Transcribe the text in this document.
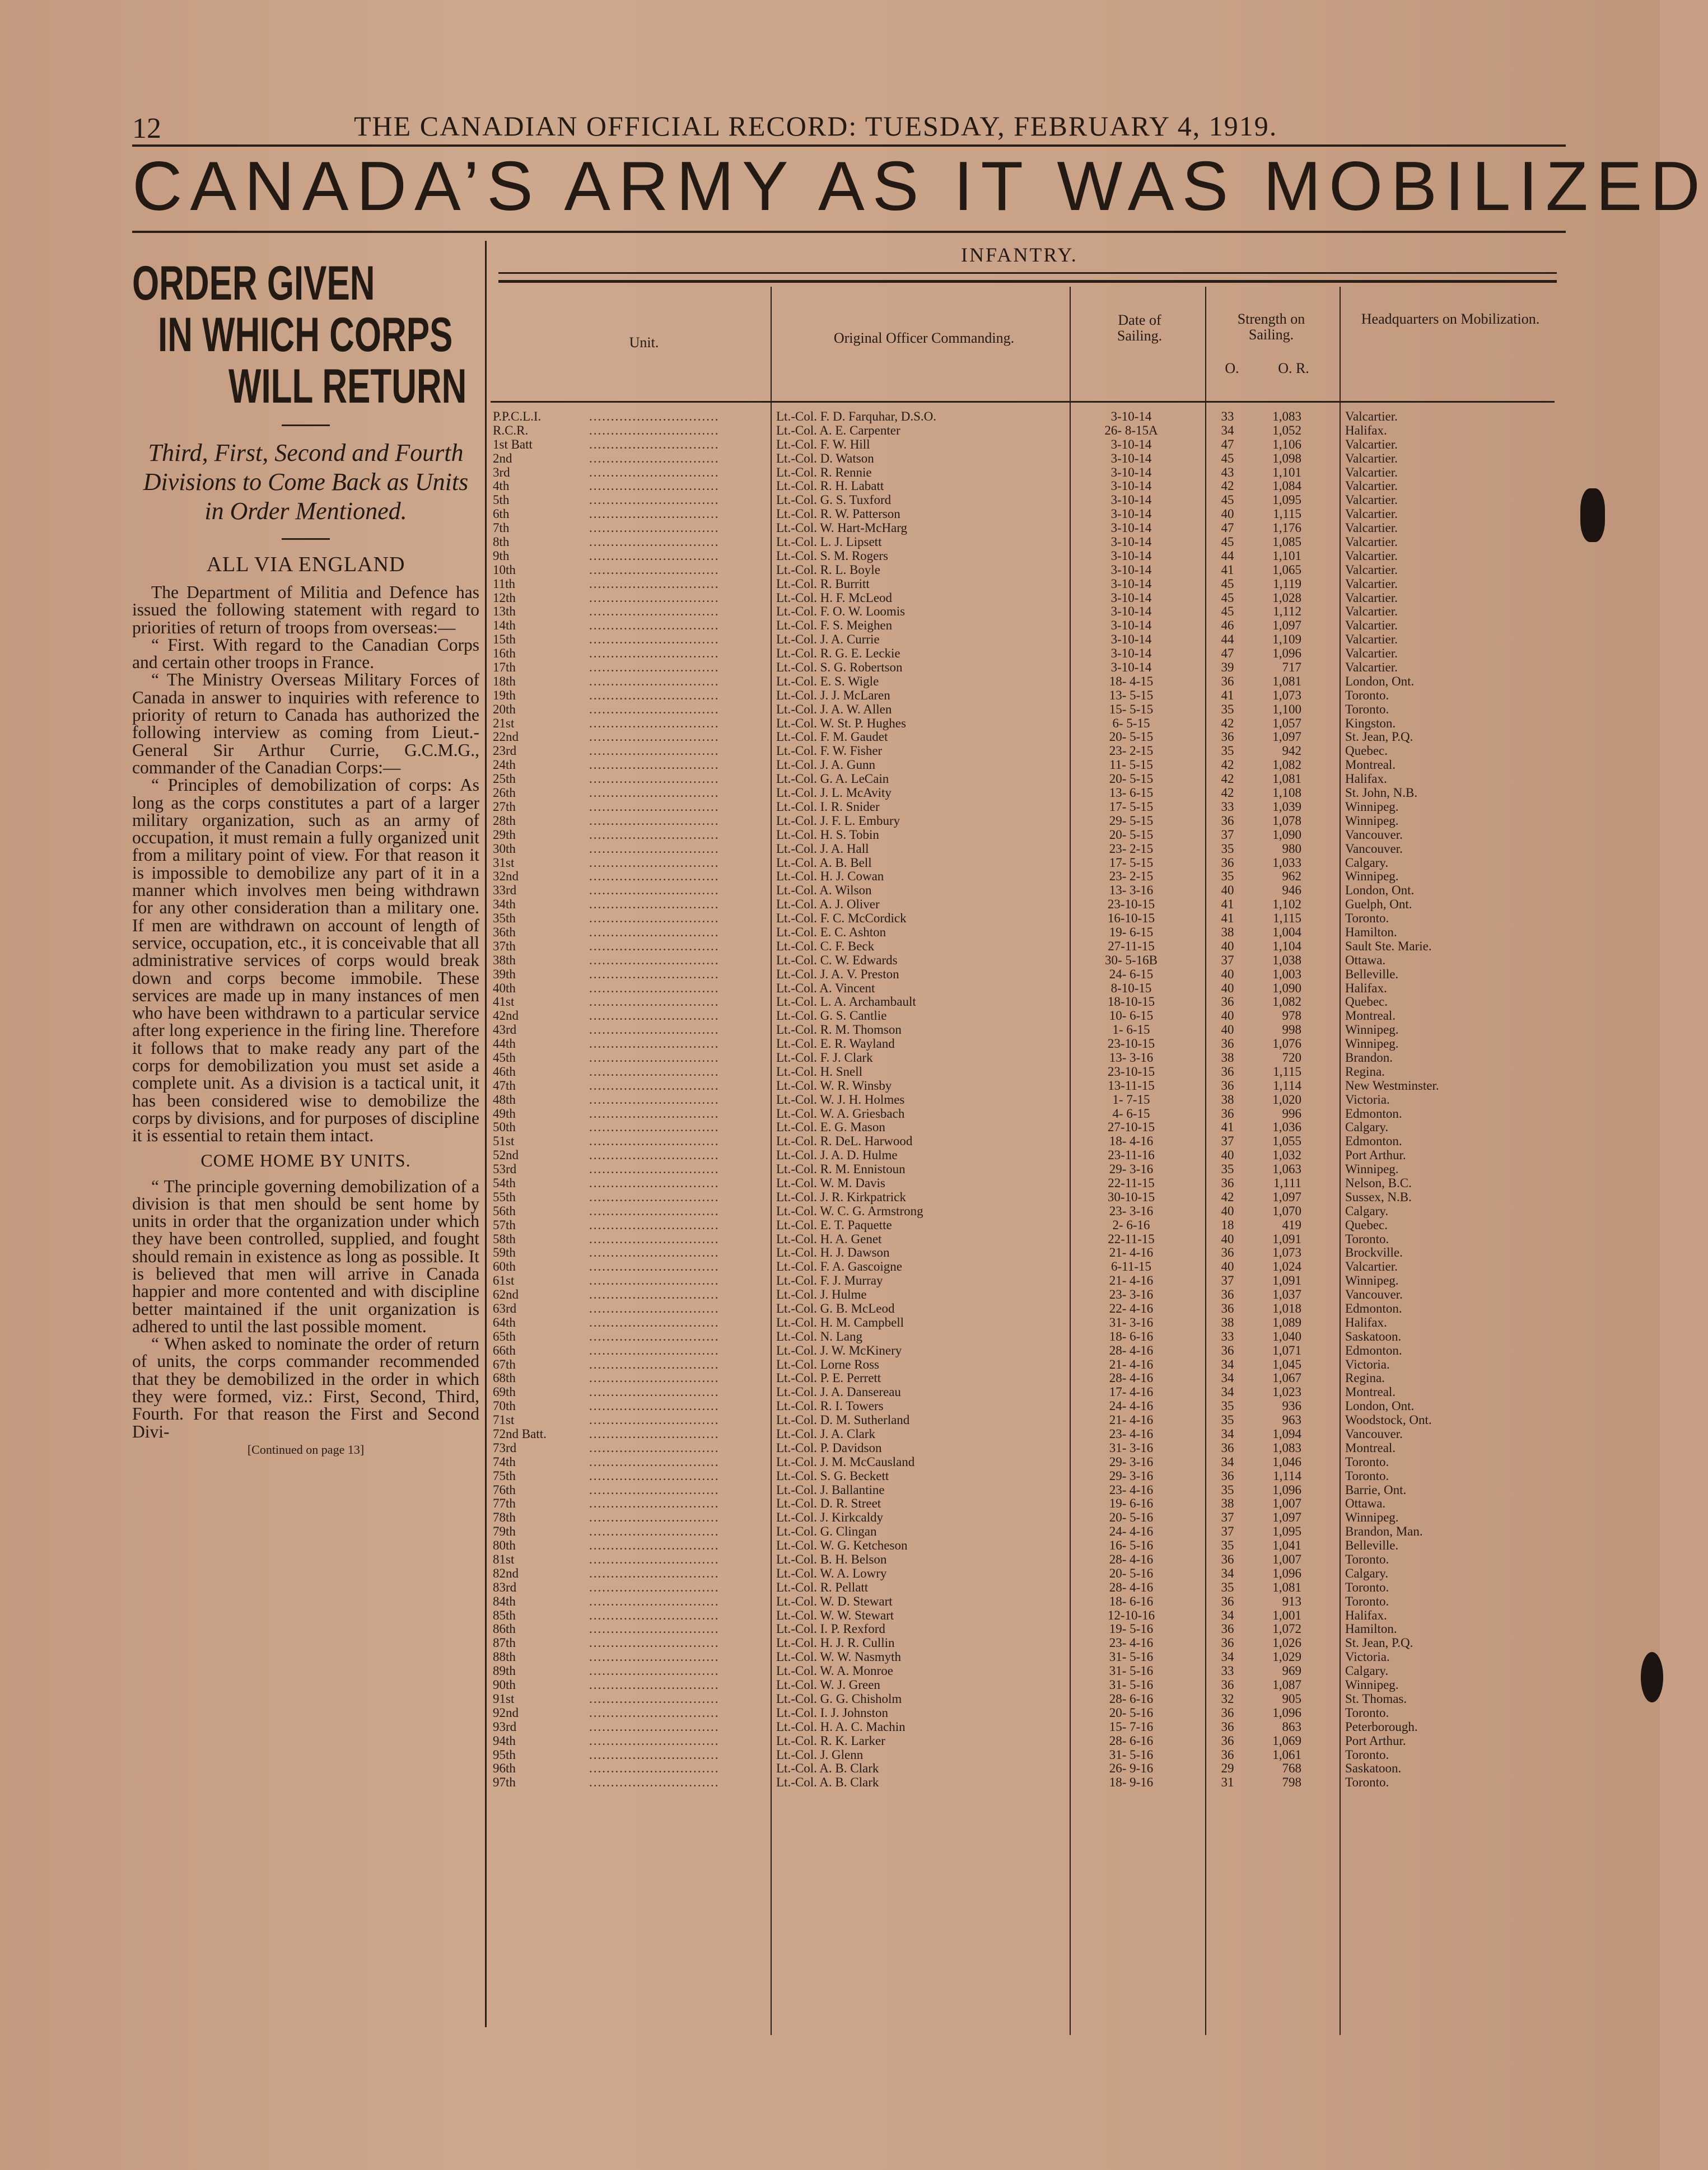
12	THE CANADIAN OFFICIAL RECORD: TUESDAY, FEBRUARY 4, 1919.
CANADA’S ARMY AS IT WAS MOBILIZED
ORDER GIVEN
IN WHICH CORPS
WILL RETURN
Third, First, Second and Fourth Divisions to Come Back as Units in Order Mentioned.
ALL VIA ENGLAND

The Department of Militia and Defence has issued the following statement with regard to priorities of return of troops from overseas:—

“ First. With regard to the Canadian Corps and certain other troops in France.

“ The Ministry Overseas Military Forces of Canada in answer to inquiries with reference to priority of return to Canada has authorized the following interview as coming from Lieut.-General Sir Arthur Currie, G.C.M.G., commander of the Canadian Corps:—

“ Principles of demobilization of corps: As long as the corps constitutes a part of a larger military organization, such as an army of occupation, it must remain a fully organized unit from a military point of view. For that reason it is impossible to demobilize any part of it in a manner which involves men being withdrawn for any other consideration than a military one. If men are withdrawn on account of length of service, occupation, etc., it is conceivable that all administrative services of corps would break down and corps become immobile. These services are made up in many instances of men who have been withdrawn to a particular service after long experience in the firing line. Therefore it follows that to make ready any part of the corps for demobilization you must set aside a complete unit. As a division is a tactical unit, it has been considered wise to demobilize the corps by divisions, and for purposes of discipline it is essential to retain them intact.

COME HOME BY UNITS.

“ The principle governing demobilization of a division is that men should be sent home by units in order that the organization under which they have been controlled, supplied, and fought should remain in existence as long as possible. It is believed that men will arrive in Canada happier and more contented and with discipline better maintained if the unit organization is adhered to until the last possible moment.

“ When asked to nominate the order of return of units, the corps commander recommended that they be demobilized in the order in which they were formed, viz.: First, Second, Third, Fourth. For that reason the First and Second Divi-

[Continued on page 13]
INFANTRY.
Unit.	Original Officer Commanding.
Date of Sailing.
Strength on Sailing.
O.	O. R.
Headquarters on Mobilization.
P.P.C.L.I.	Lt.-Col. F. D. Farquhar, D.S.O.	3-10-14	33	1,083	Valcartier.
..............................
R.C.R.	Lt.-Col. A. E. Carpenter	26- 8-15A	34	1,052	Halifax.
..............................
1st Batt	Lt.-Col. F. W. Hill	3-10-14	47	1,106	Valcartier.
..............................
2nd	Lt.-Col. D. Watson	3-10-14	45	1,098	Valcartier.
..............................
3rd	Lt.-Col. R. Rennie	3-10-14	43	1,101	Valcartier.
..............................
4th	Lt.-Col. R. H. Labatt	3-10-14	42	1,084	Valcartier.
..............................
5th	Lt.-Col. G. S. Tuxford	3-10-14	45	1,095	Valcartier.
..............................
6th	Lt.-Col. R. W. Patterson	3-10-14	40	1,115	Valcartier.
..............................
7th	Lt.-Col. W. Hart-McHarg	3-10-14	47	1,176	Valcartier.
..............................
8th	Lt.-Col. L. J. Lipsett	3-10-14	45	1,085	Valcartier.
..............................
9th	Lt.-Col. S. M. Rogers	3-10-14	44	1,101	Valcartier.
..............................
10th	Lt.-Col. R. L. Boyle	3-10-14	41	1,065	Valcartier.
..............................
11th	Lt.-Col. R. Burritt	3-10-14	45	1,119	Valcartier.
..............................
12th	Lt.-Col. H. F. McLeod	3-10-14	45	1,028	Valcartier.
..............................
13th	Lt.-Col. F. O. W. Loomis	3-10-14	45	1,112	Valcartier.
..............................
14th	Lt.-Col. F. S. Meighen	3-10-14	46	1,097	Valcartier.
..............................
15th	Lt.-Col. J. A. Currie	3-10-14	44	1,109	Valcartier.
..............................
16th	Lt.-Col. R. G. E. Leckie	3-10-14	47	1,096	Valcartier.
..............................
17th	Lt.-Col. S. G. Robertson	3-10-14	39	717	Valcartier.
..............................
18th	Lt.-Col. E. S. Wigle	18- 4-15	36	1,081	London, Ont.
..............................
19th	Lt.-Col. J. J. McLaren	13- 5-15	41	1,073	Toronto.
..............................
20th	Lt.-Col. J. A. W. Allen	15- 5-15	35	1,100	Toronto.
..............................
21st	Lt.-Col. W. St. P. Hughes	6- 5-15	42	1,057	Kingston.
..............................
22nd	Lt.-Col. F. M. Gaudet	20- 5-15	36	1,097	St. Jean, P.Q.
..............................
23rd	Lt.-Col. F. W. Fisher	23- 2-15	35	942	Quebec.
..............................
24th	Lt.-Col. J. A. Gunn	11- 5-15	42	1,082	Montreal.
..............................
25th	Lt.-Col. G. A. LeCain	20- 5-15	42	1,081	Halifax.
..............................
26th	Lt.-Col. J. L. McAvity	13- 6-15	42	1,108	St. John, N.B.
..............................
27th	Lt.-Col. I. R. Snider	17- 5-15	33	1,039	Winnipeg.
..............................
28th	Lt.-Col. J. F. L. Embury	29- 5-15	36	1,078	Winnipeg.
..............................
29th	Lt.-Col. H. S. Tobin	20- 5-15	37	1,090	Vancouver.
..............................
30th	Lt.-Col. J. A. Hall	23- 2-15	35	980	Vancouver.
..............................
31st	Lt.-Col. A. B. Bell	17- 5-15	36	1,033	Calgary.
..............................
32nd	Lt.-Col. H. J. Cowan	23- 2-15	35	962	Winnipeg.
..............................
33rd	Lt.-Col. A. Wilson	13- 3-16	40	946	London, Ont.
..............................
34th	Lt.-Col. A. J. Oliver	23-10-15	41	1,102	Guelph, Ont.
..............................
35th	Lt.-Col. F. C. McCordick	16-10-15	41	1,115	Toronto.
..............................
36th	Lt.-Col. E. C. Ashton	19- 6-15	38	1,004	Hamilton.
..............................
37th	Lt.-Col. C. F. Beck	27-11-15	40	1,104	Sault Ste. Marie.
..............................
38th	Lt.-Col. C. W. Edwards	30- 5-16B	37	1,038	Ottawa.
..............................
39th	Lt.-Col. J. A. V. Preston	24- 6-15	40	1,003	Belleville.
..............................
40th	Lt.-Col. A. Vincent	8-10-15	40	1,090	Halifax.
..............................
41st	Lt.-Col. L. A. Archambault	18-10-15	36	1,082	Quebec.
..............................
42nd	Lt.-Col. G. S. Cantlie	10- 6-15	40	978	Montreal.
..............................
43rd	Lt.-Col. R. M. Thomson	1- 6-15	40	998	Winnipeg.
..............................
44th	Lt.-Col. E. R. Wayland	23-10-15	36	1,076	Winnipeg.
..............................
45th	Lt.-Col. F. J. Clark	13- 3-16	38	720	Brandon.
..............................
46th	Lt.-Col. H. Snell	23-10-15	36	1,115	Regina.
..............................
47th	Lt.-Col. W. R. Winsby	13-11-15	36	1,114	New Westminster.
..............................
48th	Lt.-Col. W. J. H. Holmes	1- 7-15	38	1,020	Victoria.
..............................
49th	Lt.-Col. W. A. Griesbach	4- 6-15	36	996	Edmonton.
..............................
50th	Lt.-Col. E. G. Mason	27-10-15	41	1,036	Calgary.
..............................
51st	Lt.-Col. R. DeL. Harwood	18- 4-16	37	1,055	Edmonton.
..............................
52nd	Lt.-Col. J. A. D. Hulme	23-11-16	40	1,032	Port Arthur.
..............................
53rd	Lt.-Col. R. M. Ennistoun	29- 3-16	35	1,063	Winnipeg.
..............................
54th	Lt.-Col. W. M. Davis	22-11-15	36	1,111	Nelson, B.C.
..............................
55th	Lt.-Col. J. R. Kirkpatrick	30-10-15	42	1,097	Sussex, N.B.
..............................
56th	Lt.-Col. W. C. G. Armstrong	23- 3-16	40	1,070	Calgary.
..............................
57th	Lt.-Col. E. T. Paquette	2- 6-16	18	419	Quebec.
..............................
58th	Lt.-Col. H. A. Genet	22-11-15	40	1,091	Toronto.
..............................
59th	Lt.-Col. H. J. Dawson	21- 4-16	36	1,073	Brockville.
..............................
60th	Lt.-Col. F. A. Gascoigne	6-11-15	40	1,024	Valcartier.
..............................
61st	Lt.-Col. F. J. Murray	21- 4-16	37	1,091	Winnipeg.
..............................
62nd	Lt.-Col. J. Hulme	23- 3-16	36	1,037	Vancouver.
..............................
63rd	Lt.-Col. G. B. McLeod	22- 4-16	36	1,018	Edmonton.
..............................
64th	Lt.-Col. H. M. Campbell	31- 3-16	38	1,089	Halifax.
..............................
65th	Lt.-Col. N. Lang	18- 6-16	33	1,040	Saskatoon.
..............................
66th	Lt.-Col. J. W. McKinery	28- 4-16	36	1,071	Edmonton.
..............................
67th	Lt.-Col. Lorne Ross	21- 4-16	34	1,045	Victoria.
..............................
68th	Lt.-Col. P. E. Perrett	28- 4-16	34	1,067	Regina.
..............................
69th	Lt.-Col. J. A. Dansereau	17- 4-16	34	1,023	Montreal.
..............................
70th	Lt.-Col. R. I. Towers	24- 4-16	35	936	London, Ont.
..............................
71st	Lt.-Col. D. M. Sutherland	21- 4-16	35	963	Woodstock, Ont.
..............................
72nd Batt.	Lt.-Col. J. A. Clark	23- 4-16	34	1,094	Vancouver.
..............................
73rd	Lt.-Col. P. Davidson	31- 3-16	36	1,083	Montreal.
..............................
74th	Lt.-Col. J. M. McCausland	29- 3-16	34	1,046	Toronto.
..............................
75th	Lt.-Col. S. G. Beckett	29- 3-16	36	1,114	Toronto.
..............................
76th	Lt.-Col. J. Ballantine	23- 4-16	35	1,096	Barrie, Ont.
..............................
77th	Lt.-Col. D. R. Street	19- 6-16	38	1,007	Ottawa.
..............................
78th	Lt.-Col. J. Kirkcaldy	20- 5-16	37	1,097	Winnipeg.
..............................
79th	Lt.-Col. G. Clingan	24- 4-16	37	1,095	Brandon, Man.
..............................
80th	Lt.-Col. W. G. Ketcheson	16- 5-16	35	1,041	Belleville.
..............................
81st	Lt.-Col. B. H. Belson	28- 4-16	36	1,007	Toronto.
..............................
82nd	Lt.-Col. W. A. Lowry	20- 5-16	34	1,096	Calgary.
..............................
83rd	Lt.-Col. R. Pellatt	28- 4-16	35	1,081	Toronto.
..............................
84th	Lt.-Col. W. D. Stewart	18- 6-16	36	913	Toronto.
..............................
85th	Lt.-Col. W. W. Stewart	12-10-16	34	1,001	Halifax.
..............................
86th	Lt.-Col. I. P. Rexford	19- 5-16	36	1,072	Hamilton.
..............................
87th	Lt.-Col. H. J. R. Cullin	23- 4-16	36	1,026	St. Jean, P.Q.
..............................
88th	Lt.-Col. W. W. Nasmyth	31- 5-16	34	1,029	Victoria.
..............................
89th	Lt.-Col. W. A. Monroe	31- 5-16	33	969	Calgary.
..............................
90th	Lt.-Col. W. J. Green	31- 5-16	36	1,087	Winnipeg.
..............................
91st	Lt.-Col. G. G. Chisholm	28- 6-16	32	905	St. Thomas.
..............................
92nd	Lt.-Col. I. J. Johnston	20- 5-16	36	1,096	Toronto.
..............................
93rd	Lt.-Col. H. A. C. Machin	15- 7-16	36	863	Peterborough.
..............................
94th	Lt.-Col. R. K. Larker	28- 6-16	36	1,069	Port Arthur.
..............................
95th	Lt.-Col. J. Glenn	31- 5-16	36	1,061	Toronto.
..............................
96th	Lt.-Col. A. B. Clark	26- 9-16	29	768	Saskatoon.
..............................
97th	Lt.-Col. A. B. Clark	18- 9-16	31	798	Toronto.
..............................
